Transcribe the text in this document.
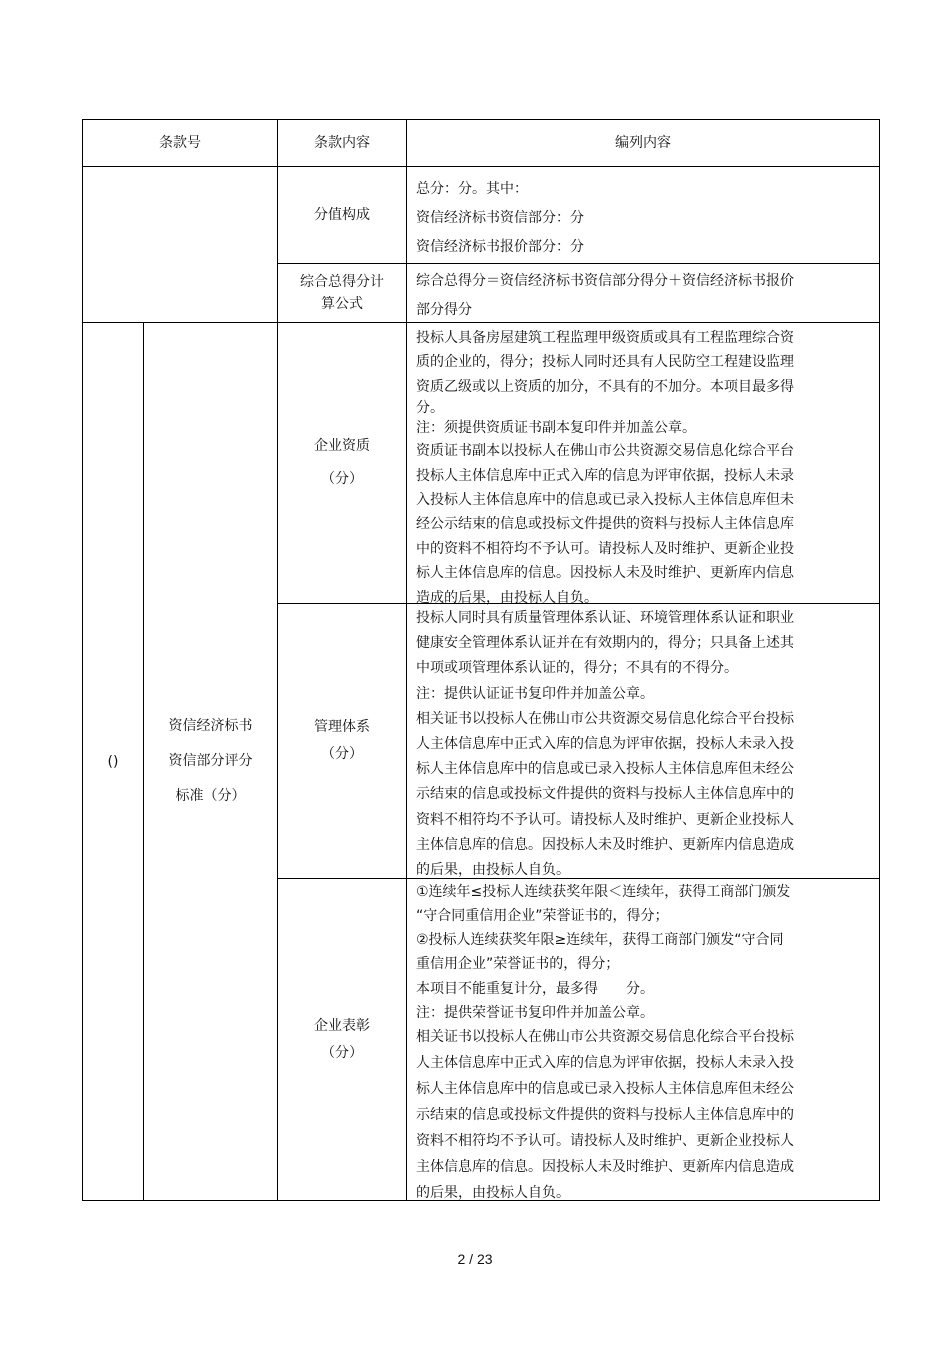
条款号	条款内容	编列内容
分值构成

总分：分。其中：

资信经济标书资信部分：分

资信经济标书报价部分：分

综合总得分计
算公式

综合总得分＝资信经济标书资信部分得分＋资信经济标书报价

部分得分

()
资信经济标书
资信部分评分
标准（分）
企业资质
（分）

投标人具备房屋建筑工程监理甲级资质或具有工程监理综合资

质的企业的，得分；投标人同时还具有人民防空工程建设监理

资质乙级或以上资质的加分，不具有的不加分。本项目最多得

分。

注：须提供资质证书副本复印件并加盖公章。

资质证书副本以投标人在佛山市公共资源交易信息化综合平台

投标人主体信息库中正式入库的信息为评审依据，投标人未录

入投标人主体信息库中的信息或已录入投标人主体信息库但未

经公示结束的信息或投标文件提供的资料与投标人主体信息库

中的资料不相符均不予认可。请投标人及时维护、更新企业投

标人主体信息库的信息。因投标人未及时维护、更新库内信息

造成的后果，由投标人自负。

管理体系
（分）

投标人同时具有质量管理体系认证、环境管理体系认证和职业

健康安全管理体系认证并在有效期内的，得分；只具备上述其

中项或项管理体系认证的，得分；不具有的不得分。

注：提供认证证书复印件并加盖公章。

相关证书以投标人在佛山市公共资源交易信息化综合平台投标

人主体信息库中正式入库的信息为评审依据，投标人未录入投

标人主体信息库中的信息或已录入投标人主体信息库但未经公

示结束的信息或投标文件提供的资料与投标人主体信息库中的

资料不相符均不予认可。请投标人及时维护、更新企业投标人

主体信息库的信息。因投标人未及时维护、更新库内信息造成

的后果，由投标人自负。

企业表彰
（分）

①连续年≤投标人连续获奖年限＜连续年，获得工商部门颁发

“守合同重信用企业”荣誉证书的，得分；

②投标人连续获奖年限≥连续年，获得工商部门颁发“守合同

重信用企业”荣誉证书的，得分；

本项目不能重复计分，最多得　　分。

注：提供荣誉证书复印件并加盖公章。

相关证书以投标人在佛山市公共资源交易信息化综合平台投标

人主体信息库中正式入库的信息为评审依据，投标人未录入投

标人主体信息库中的信息或已录入投标人主体信息库但未经公

示结束的信息或投标文件提供的资料与投标人主体信息库中的

资料不相符均不予认可。请投标人及时维护、更新企业投标人

主体信息库的信息。因投标人未及时维护、更新库内信息造成

的后果，由投标人自负。

2 / 23
